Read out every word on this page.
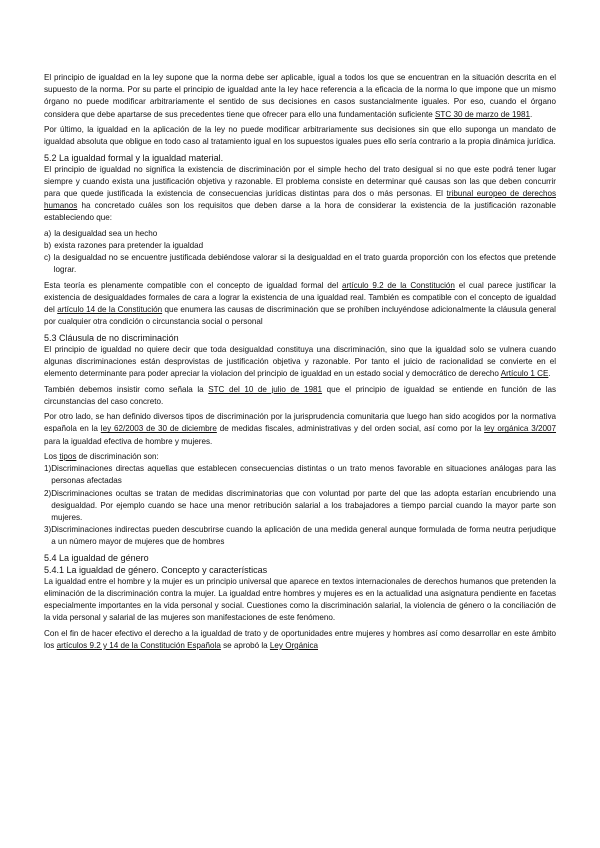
El principio de igualdad en la ley supone que la norma debe ser aplicable, igual a todos los que se encuentran en la situación descrita en el supuesto de la norma. Por su parte el principio de igualdad ante la ley hace referencia a la eficacia de la norma lo que impone que un mismo órgano no puede modificar arbitrariamente el sentido de sus decisiones en casos sustancialmente iguales. Por eso, cuando el órgano considera que debe apartarse de sus precedentes tiene que ofrecer para ello una fundamentación suficiente STC 30 de marzo de 1981.

Por último, la igualdad en la aplicación de la ley no puede modificar arbitrariamente sus decisiones sin que ello suponga un mandato de igualdad absoluta que obligue en todo caso al tratamiento igual en los supuestos iguales pues ello sería contrario a la propia dinámica jurídica.

5.2 La igualdad formal y la igualdad material.

El principio de igualdad no significa la existencia de discriminación por el simple hecho del trato desigual si no que este podrá tener lugar siempre y cuando exista una justificación objetiva y razonable. El problema consiste en determinar qué causas son las que deben concurrir para que quede justificada la existencia de consecuencias jurídicas distintas para dos o más personas. El tribunal europeo de derechos humanos ha concretado cuáles son los requisitos que deben darse a la hora de considerar la existencia de la justificación razonable estableciendo que:

a) la desigualdad sea un hecho
b) exista razones para pretender la igualdad
c) la desigualdad no se encuentre justificada debiéndose valorar si la desigualdad en el trato guarda proporción con los efectos que pretende lograr.

Esta teoría es plenamente compatible con el concepto de igualdad formal del artículo 9.2 de la Constitución el cual parece justificar la existencia de desigualdades formales de cara a lograr la existencia de una igualdad real. También es compatible con el concepto de igualdad del artículo 14 de la Constitución que enumera las causas de discriminación que se prohíben incluyéndose adicionalmente la cláusula general por cualquier otra condición o circunstancia social o personal

5.3 Cláusula de no discriminación

El principio de igualdad no quiere decir que toda desigualdad constituya una discriminación, sino que la igualdad solo se vulnera cuando algunas discriminaciones están desprovistas de justificación objetiva y razonable. Por tanto el juicio de racionalidad se convierte en el elemento determinante para poder apreciar la violacion del principio de igualdad en un estado social y democrático de derecho Artículo 1 CE.

También debemos insistir como señala la STC del 10 de julio de 1981 que el principio de igualdad se entiende en función de las circunstancias del caso concreto.

Por otro lado, se han definido diversos tipos de discriminación por la jurisprudencia comunitaria que luego han sido acogidos por la normativa española en la ley 62/2003 de 30 de diciembre de medidas fiscales, administrativas y del orden social, así como por la ley orgánica 3/2007 para la igualdad efectiva de hombre y mujeres.

Los tipos de discriminación son:
1) Discriminaciones directas aquellas que establecen consecuencias distintas o un trato menos favorable en situaciones análogas para las personas afectadas
2) Discriminaciones ocultas se tratan de medidas discriminatorias que con voluntad por parte del que las adopta estarían encubriendo una desigualdad. Por ejemplo cuando se hace una menor retribución salarial a los trabajadores a tiempo parcial cuando la mayor parte son mujeres.
3) Discriminaciones indirectas pueden descubrirse cuando la aplicación de una medida general aunque formulada de forma neutra perjudique a un número mayor de mujeres que de hombres
5.4 La igualdad de género
5.4.1 La igualdad de género. Concepto y características

La igualdad entre el hombre y la mujer es un principio universal que aparece en textos internacionales de derechos humanos que pretenden la eliminación de la discriminación contra la mujer. La igualdad entre hombres y mujeres es en la actualidad una asignatura pendiente en facetas especialmente importantes en la vida personal y social. Cuestiones como la discriminación salarial, la violencia de género o la conciliación de la vida personal y salarial de las mujeres son manifestaciones de este fenómeno.

Con el fin de hacer efectivo el derecho a la igualdad de trato y de oportunidades entre mujeres y hombres así como desarrollar en este ámbito los artículos 9.2 y 14 de la Constitución Española se aprobó la Ley Orgánica
